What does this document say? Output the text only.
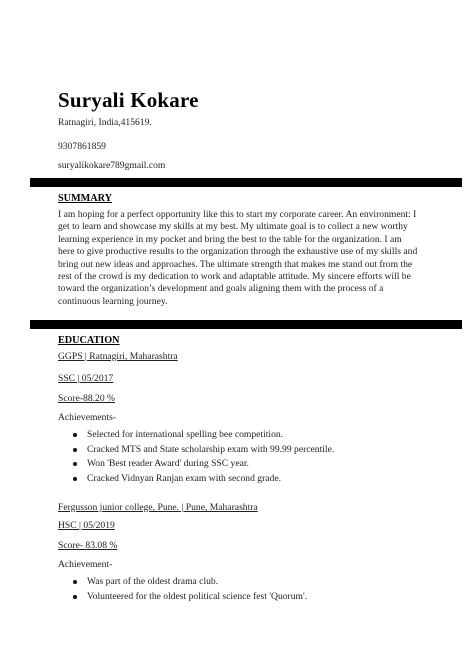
Suryali Kokare
Ratnagiri, India,415619.
9307861859
suryalikokare789gmail.com
SUMMARY
I am hoping for a perfect opportunity like this to start my corporate career. An environment: I
get to learn and showcase my skills at my best. My ultimate goal is to collect a new worthy
learning experience in my pocket and bring the best to the table for the organization. I am
here to give productive results to the organization through the exhaustive use of my skills and
bring out new ideas and approaches. The ultimate strength that makes me stand out from the
rest of the crowd is my dedication to work and adaptable attitude. My sincere efforts will be
toward the organization’s development and goals aligning them with the process of a
continuous learning journey.
EDUCATION
GGPS | Ratnagiri, Maharashtra
SSC | 05/2017
Score-88.20 %
Achievements-
Selected for international spelling bee competition.
Cracked MTS and State scholarship exam with 99.99 percentile.
Won 'Best reader Award' during SSC year.
Cracked Vidnyan Ranjan exam with second grade.
Fergusson junior college, Pune. | Pune, Maharashtra
HSC | 05/2019
Score- 83.08 %
Achievement-
Was part of the oldest drama club.
Volunteered for the oldest political science fest 'Quorum'.
